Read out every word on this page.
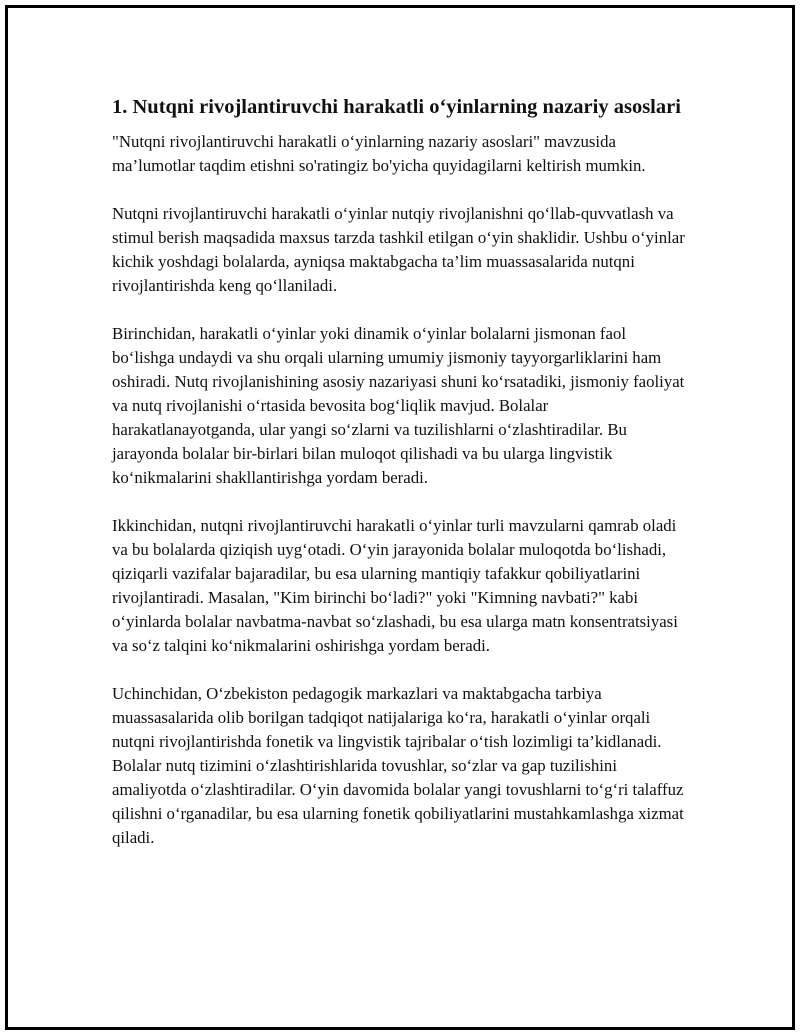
1. Nutqni rivojlantiruvchi harakatli o‘yinlarning nazariy asoslari

"Nutqni rivojlantiruvchi harakatli o‘yinlarning nazariy asoslari" mavzusida ma’lumotlar taqdim etishni so'ratingiz bo'yicha quyidagilarni keltirish mumkin.

Nutqni rivojlantiruvchi harakatli o‘yinlar nutqiy rivojlanishni qo‘llab-quvvatlash va stimul berish maqsadida maxsus tarzda tashkil etilgan o‘yin shaklidir. Ushbu o‘yinlar kichik yoshdagi bolalarda, ayniqsa maktabgacha ta’lim muassasalarida nutqni rivojlantirishda keng qo‘llaniladi.

Birinchidan, harakatli o‘yinlar yoki dinamik o‘yinlar bolalarni jismonan faol bo‘lishga undaydi va shu orqali ularning umumiy jismoniy tayyorgarliklarini ham oshiradi. Nutq rivojlanishining asosiy nazariyasi shuni ko‘rsatadiki, jismoniy faoliyat va nutq rivojlanishi o‘rtasida bevosita bog‘liqlik mavjud. Bolalar harakatlanayotganda, ular yangi so‘zlarni va tuzilishlarni o‘zlashtiradilar. Bu jarayonda bolalar bir-birlari bilan muloqot qilishadi va bu ularga lingvistik ko‘nikmalarini shakllantirishga yordam beradi.

Ikkinchidan, nutqni rivojlantiruvchi harakatli o‘yinlar turli mavzularni qamrab oladi va bu bolalarda qiziqish uyg‘otadi. O‘yin jarayonida bolalar muloqotda bo‘lishadi, qiziqarli vazifalar bajaradilar, bu esa ularning mantiqiy tafakkur qobiliyatlarini rivojlantiradi. Masalan, "Kim birinchi bo‘ladi?" yoki "Kimning navbati?" kabi o‘yinlarda bolalar navbatma-navbat so‘zlashadi, bu esa ularga matn konsentratsiyasi va so‘z talqini ko‘nikmalarini oshirishga yordam beradi.

Uchinchidan, O‘zbekiston pedagogik markazlari va maktabgacha tarbiya muassasalarida olib borilgan tadqiqot natijalariga ko‘ra, harakatli o‘yinlar orqali nutqni rivojlantirishda fonetik va lingvistik tajribalar o‘tish lozimligi ta’kidlanadi. Bolalar nutq tizimini o‘zlashtirishlarida tovushlar, so‘zlar va gap tuzilishini amaliyotda o‘zlashtiradilar. O‘yin davomida bolalar yangi tovushlarni to‘g‘ri talaffuz qilishni o‘rganadilar, bu esa ularning fonetik qobiliyatlarini mustahkamlashga xizmat qiladi.
